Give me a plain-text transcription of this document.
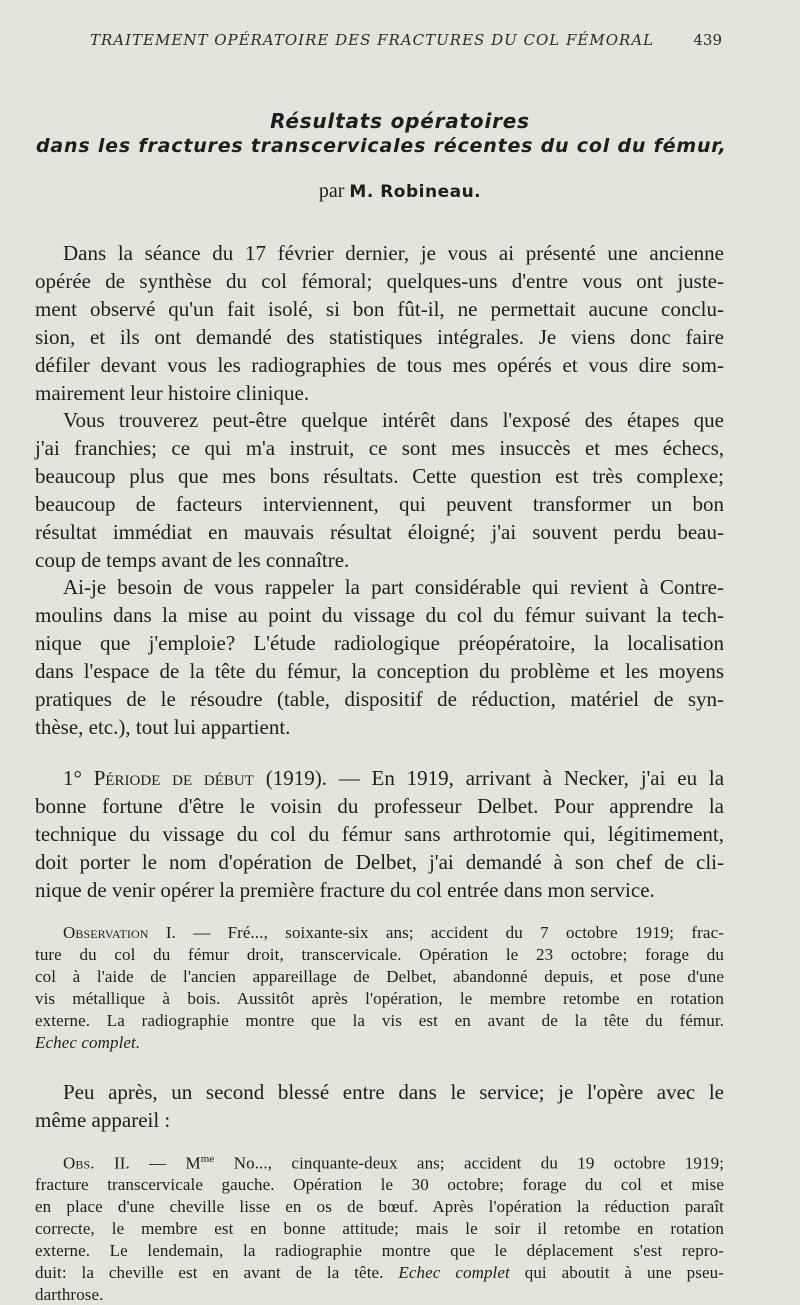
TRAITEMENT OPÉRATOIRE DES FRACTURES DU COL FÉMORAL	439
Résultats opératoires
dans les fractures transcervicales récentes du col du fémur,
par M. Robineau.
Dans la séance du 17 février dernier, je vous ai présenté une ancienne
opérée de synthèse du col fémoral; quelques-uns d'entre vous ont juste-
ment observé qu'un fait isolé, si bon fût-il, ne permettait aucune conclu-
sion, et ils ont demandé des statistiques intégrales. Je viens donc faire
défiler devant vous les radiographies de tous mes opérés et vous dire som-
mairement leur histoire clinique.
Vous trouverez peut-être quelque intérêt dans l'exposé des étapes que
j'ai franchies; ce qui m'a instruit, ce sont mes insuccès et mes échecs,
beaucoup plus que mes bons résultats. Cette question est très complexe;
beaucoup de facteurs interviennent, qui peuvent transformer un bon
résultat immédiat en mauvais résultat éloigné; j'ai souvent perdu beau-
coup de temps avant de les connaître.
Ai-je besoin de vous rappeler la part considérable qui revient à Contre-
moulins dans la mise au point du vissage du col du fémur suivant la tech-
nique que j'emploie? L'étude radiologique préopératoire, la localisation
dans l'espace de la tête du fémur, la conception du problème et les moyens
pratiques de le résoudre (table, dispositif de réduction, matériel de syn-
thèse, etc.), tout lui appartient.
1° Période de début (1919). — En 1919, arrivant à Necker, j'ai eu la
bonne fortune d'être le voisin du professeur Delbet. Pour apprendre la
technique du vissage du col du fémur sans arthrotomie qui, légitimement,
doit porter le nom d'opération de Delbet, j'ai demandé à son chef de cli-
nique de venir opérer la première fracture du col entrée dans mon service.
Observation I. — Fré..., soixante-six ans; accident du 7 octobre 1919; frac-
ture du col du fémur droit, transcervicale. Opération le 23 octobre; forage du
col à l'aide de l'ancien appareillage de Delbet, abandonné depuis, et pose d'une
vis métallique à bois. Aussitôt après l'opération, le membre retombe en rotation
externe. La radiographie montre que la vis est en avant de la tête du fémur.
Echec complet.
Peu après, un second blessé entre dans le service; je l'opère avec le
même appareil :
Obs. II. — $M^{me}$ No..., cinquante-deux ans; accident du 19 octobre 1919;
fracture transcervicale gauche. Opération le 30 octobre; forage du col et mise
en place d'une cheville lisse en os de bœuf. Après l'opération la réduction paraît
correcte, le membre est en bonne attitude; mais le soir il retombe en rotation
externe. Le lendemain, la radiographie montre que le déplacement s'est repro-
duit: la cheville est en avant de la tête. Echec complet qui aboutit à une pseu-
darthrose.
